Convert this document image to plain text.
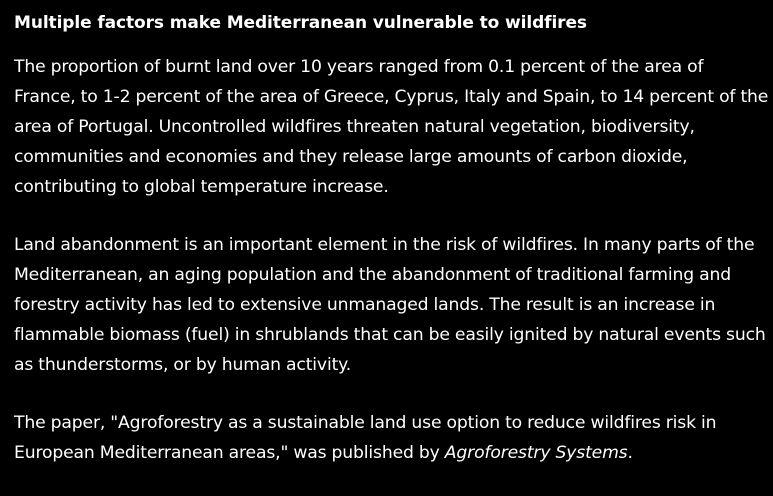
Multiple factors make Mediterranean vulnerable to wildfires

The proportion of burnt land over 10 years ranged from 0.1 percent of the area of France, to 1-2 percent of the area of Greece, Cyprus, Italy and Spain, to 14 percent of the area of Portugal. Uncontrolled wildfires threaten natural vegetation, biodiversity, communities and economies and they release large amounts of carbon dioxide, contributing to global temperature increase.

Land abandonment is an important element in the risk of wildfires. In many parts of the Mediterranean, an aging population and the abandonment of traditional farming and forestry activity has led to extensive unmanaged lands. The result is an increase in flammable biomass (fuel) in shrublands that can be easily ignited by natural events such as thunderstorms, or by human activity.

The paper, "Agroforestry as a sustainable land use option to reduce wildfires risk in European Mediterranean areas," was published by Agroforestry Systems.
